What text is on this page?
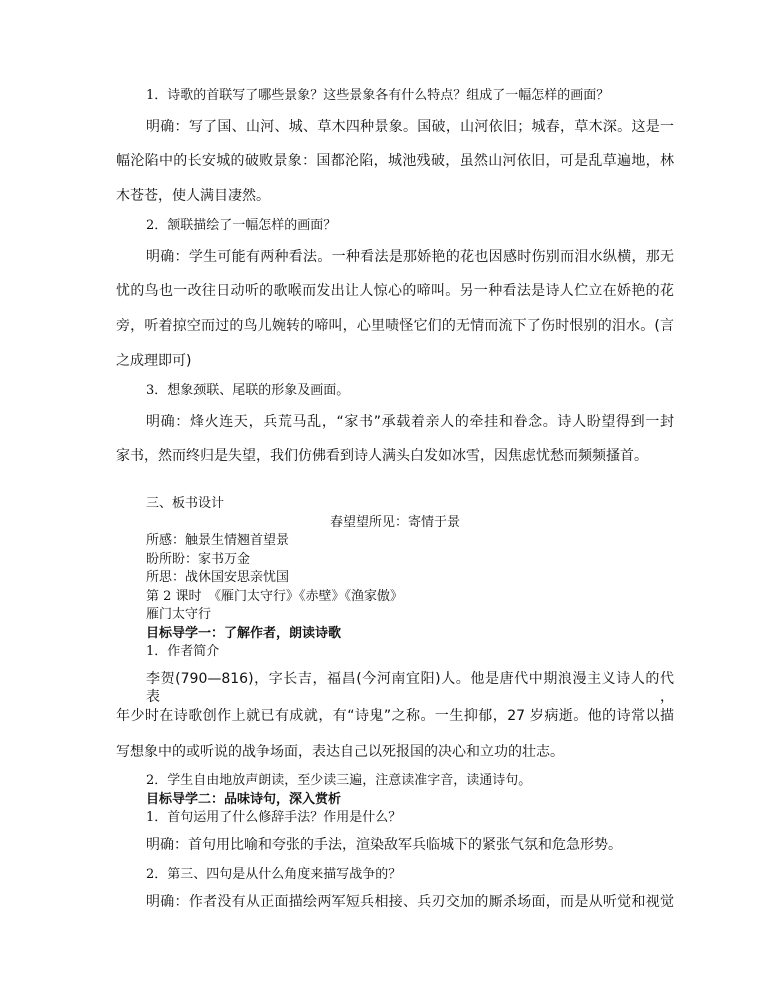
1．诗歌的首联写了哪些景象？这些景象各有什么特点？组成了一幅怎样的画面？
明确：写了国、山河、城、草木四种景象。国破，山河依旧；城春，草木深。这是一
幅沦陷中的长安城的破败景象：国都沦陷，城池残破，虽然山河依旧，可是乱草遍地，林
木苍苍，使人满目凄然。
2．颔联描绘了一幅怎样的画面？
明确：学生可能有两种看法。一种看法是那娇艳的花也因感时伤别而泪水纵横，那无
忧的鸟也一改往日动听的歌喉而发出让人惊心的啼叫。另一种看法是诗人伫立在娇艳的花
旁，听着掠空而过的鸟儿婉转的啼叫，心里啧怪它们的无情而流下了伤时恨别的泪水。(言
之成理即可)
3．想象颈联、尾联的形象及画面。
明确：烽火连天，兵荒马乱，“家书”承载着亲人的牵挂和眷念。诗人盼望得到一封
家书，然而终归是失望，我们仿佛看到诗人满头白发如冰雪，因焦虑忧愁而频频搔首。
三、板书设计
春望望所见：寄情于景
所感：触景生情翘首望景
盼所盼：家书万金
所思：战休国安思亲忧国
第 2 课时　《雁门太守行》《赤壁》《渔家傲》
雁门太守行
目标导学一：了解作者，朗读诗歌
1．作者简介
李贺(790—816)，字长吉，福昌(今河南宜阳)人。他是唐代中期浪漫主义诗人的代表，
年少时在诗歌创作上就已有成就，有“诗鬼”之称。一生抑郁，27 岁病逝。他的诗常以描
写想象中的或听说的战争场面，表达自己以死报国的决心和立功的壮志。
2．学生自由地放声朗读，至少读三遍，注意读准字音，读通诗句。
目标导学二：品味诗句，深入赏析
1．首句运用了什么修辞手法？作用是什么？
明确：首句用比喻和夸张的手法，渲染敌军兵临城下的紧张气氛和危急形势。
2．第三、四句是从什么角度来描写战争的？
明确：作者没有从正面描绘两军短兵相接、兵刃交加的厮杀场面，而是从听觉和视觉
